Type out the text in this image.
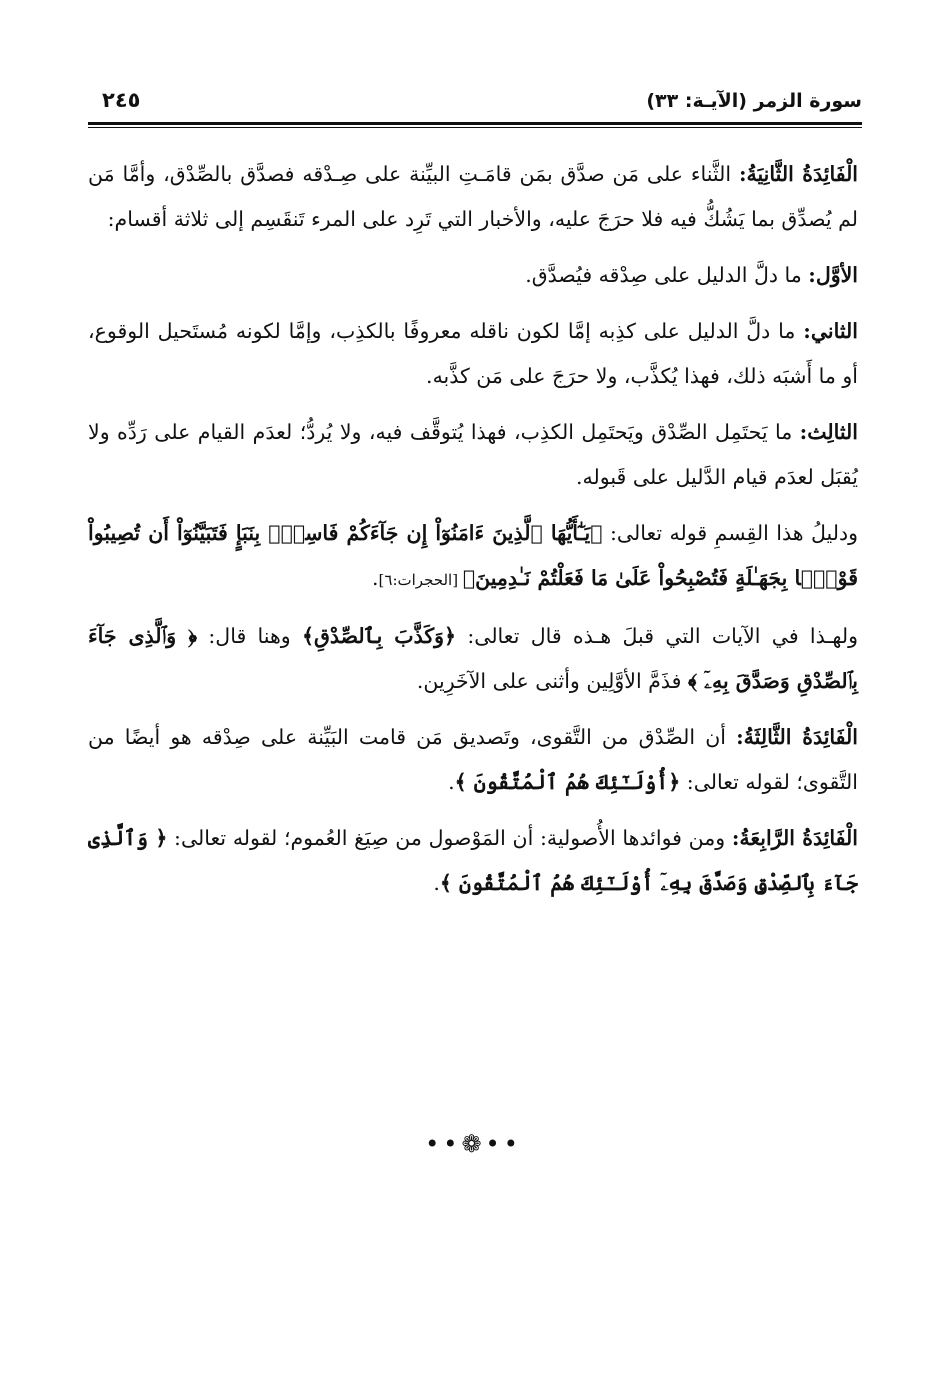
سورة الزمر (الآيـة: ٣٣)
٢٤٥

الْفَائِدَةُ الثَّانِيَةُ: الثَّناء على مَن صدَّق بمَن قامَـتِ البيِّنة على صِـدْقه فصدَّق بالصِّدْق، وأمَّا مَن لم يُصدِّق بما يَشُكُّ فيه فلا حرَجَ عليه، والأخبار التي تَرِد على المرء تَنقَسِم إلى ثلاثة أقسام:

الأوَّل: ما دلَّ الدليل على صِدْقه فيُصدَّق.

الثاني: ما دلَّ الدليل على كذِبه إمَّا لكون ناقله معروفًا بالكذِب، وإمَّا لكونه مُستَحيل الوقوع، أو ما أَشبَه ذلك، فهذا يُكذَّب، ولا حرَجَ على مَن كذَّبه.

الثالِث: ما يَحتَمِل الصِّدْق ويَحتَمِل الكذِب، فهذا يُتوقَّف فيه، ولا يُردُّ؛ لعدَم القيام على رَدِّه ولا يُقبَل لعدَم قيام الدَّليل على قَبوله.

ودليلُ هذا القِسمِ قوله تعالى: ﴿يَـٰٓأَيُّهَا ٱلَّذِينَ ءَامَنُوٓاْ إِن جَآءَكُمْ فَاسِقُۢ بِنَبَإٍ فَتَبَيَّنُوٓاْ أَن تُصِيبُواْ قَوْمَۢا بِجَهَـٰلَةٍ فَتُصْبِحُواْ عَلَىٰ مَا فَعَلْتُمْ نَـٰدِمِينَ﴾ [الحجرات:٦].

ولهـذا في الآيات التي قبلَ هـذه قال تعالى: ﴿وَكَذَّبَ بِٱلصِّدْقِ﴾ وهنا قال: ﴿ وَٱلَّذِى جَآءَ بِٱلصِّدْقِ وَصَدَّقَ بِهِۦٓ ﴾ فذَمَّ الأوَّلِين وأثنى على الآخَرِين.

الْفَائِدَةُ الثَّالِثَةُ: أن الصِّدْق من التَّقوى، وتَصديق مَن قامت البَيِّنة على صِدْقه هو أيضًا من التَّقوى؛ لقوله تعالى: ﴿أُوْلَـٰٓئِكَ هُمُ ٱلْمُتَّقُونَ ﴾.

الْفَائِدَةُ الرَّابِعَةُ: ومن فوائدها الأُصولية: أن المَوْصول من صِيَغ العُموم؛ لقوله تعالى: ﴿ وَٱلَّذِى جَآءَ بِٱلصِّدْقِ وَصَدَّقَ بِهِۦٓ أُوْلَـٰٓئِكَ هُمُ ٱلْمُتَّقُونَ ﴾.

••❁••
